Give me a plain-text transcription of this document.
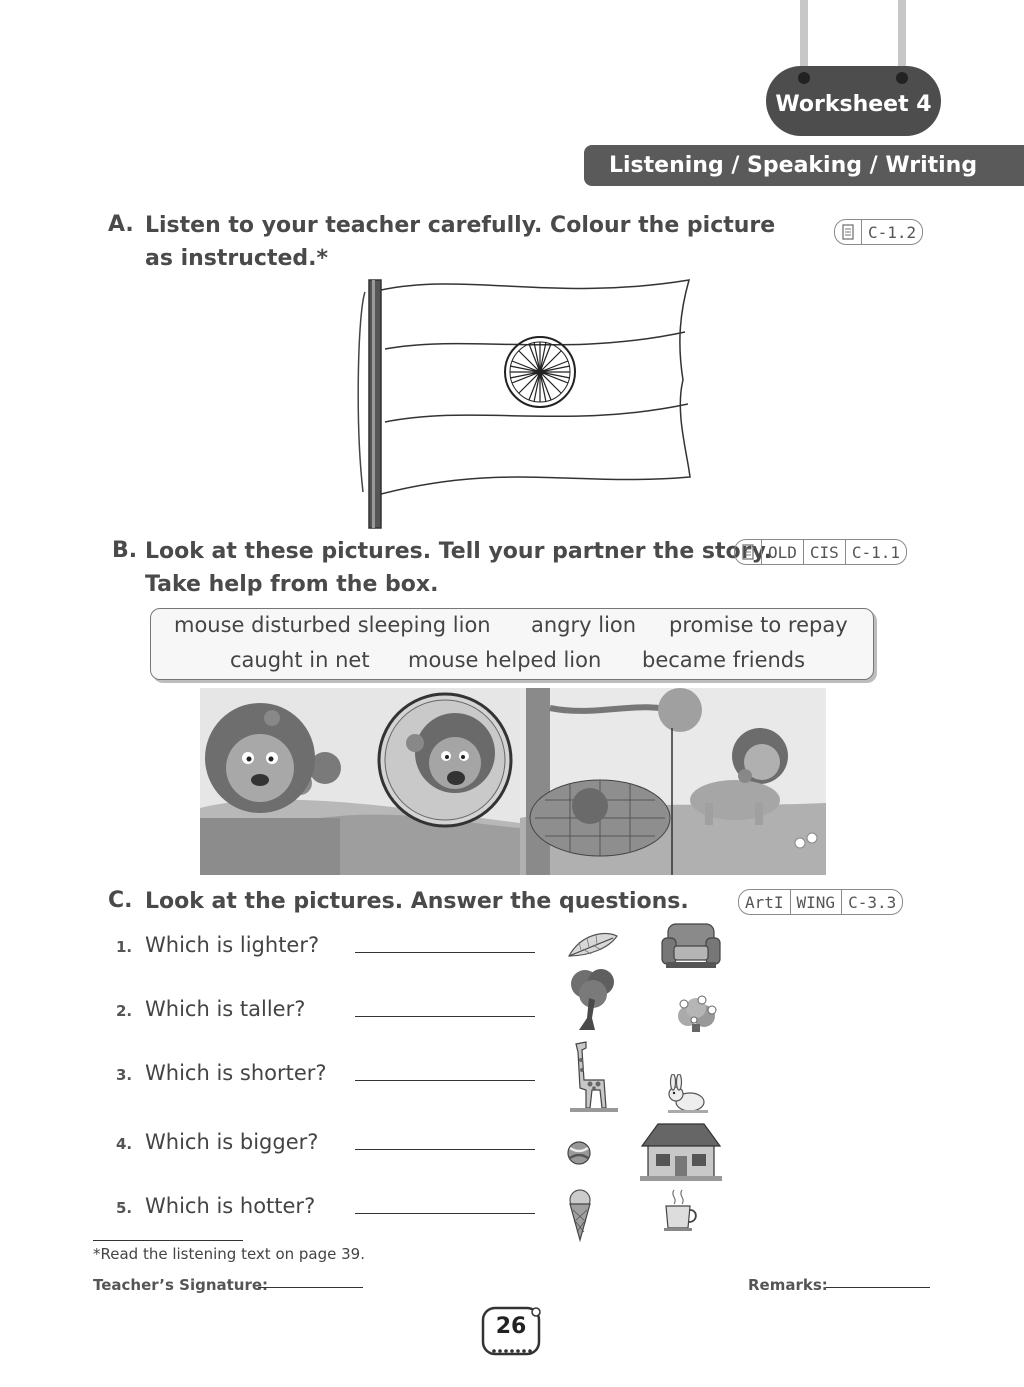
Worksheet 4
Listening / Speaking / Writing
A. Listen to your teacher carefully. Colour the picture
as instructed.*
C-1.2
B. Look at these pictures. Tell your partner the story.
Take help from the box.
OLD CIS C-1.1
mouse disturbed sleeping lion angry lion promise to repay
caught in net mouse helped lion became friends
C. Look at the pictures. Answer the questions.	ArtI WING C-3.3
1. Which is lighter?
2. Which is taller?
3. Which is shorter?
4. Which is bigger?
5. Which is hotter?
*Read the listening text on page 39.
Teacher’s Signature:	Remarks:
26
